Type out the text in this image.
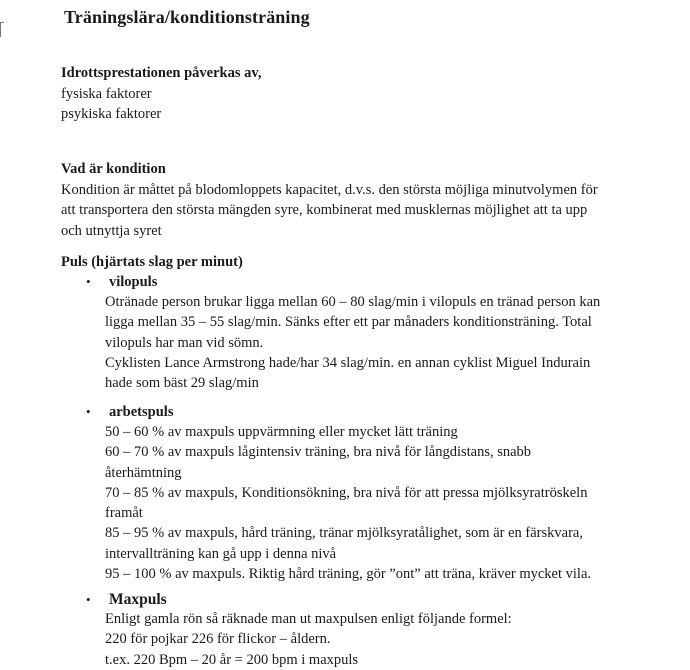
Träningslära/konditionsträning
Idrottsprestationen påverkas av,
fysiska faktorer
psykiska faktorer
Vad är kondition
Kondition är måttet på blodomloppets kapacitet, d.v.s. den största möjliga minutvolymen för
att transportera den största mängden syre, kombinerat med musklernas möjlighet att ta upp
och utnyttja syret
Puls (hjärtats slag per minut)
•	vilopuls
Otränade person brukar ligga mellan 60 – 80 slag/min i vilopuls en tränad person kan
ligga mellan 35 – 55 slag/min. Sänks efter ett par månaders konditionsträning. Total
vilopuls har man vid sömn.
Cyklisten Lance Armstrong hade/har 34 slag/min. en annan cyklist Miguel Indurain
hade som bäst 29 slag/min
•	arbetspuls
50 – 60 % av maxpuls uppvärmning eller mycket lätt träning
60 – 70 % av maxpuls lågintensiv träning, bra nivå för långdistans, snabb
återhämtning
70 – 85 % av maxpuls, Konditionsökning, bra nivå för att pressa mjölksyratröskeln
framåt
85 – 95 % av maxpuls, hård träning, tränar mjölksyratålighet, som är en färskvara,
intervallträning kan gå upp i denna nivå
95 – 100 % av maxpuls. Riktig hård träning, gör ”ont” att träna, kräver mycket vila.
•	Maxpuls
Enligt gamla rön så räknade man ut maxpulsen enligt följande formel:
220 för pojkar 226 för flickor – åldern.
t.ex. 220 Bpm – 20 år = 200 bpm i maxpuls
